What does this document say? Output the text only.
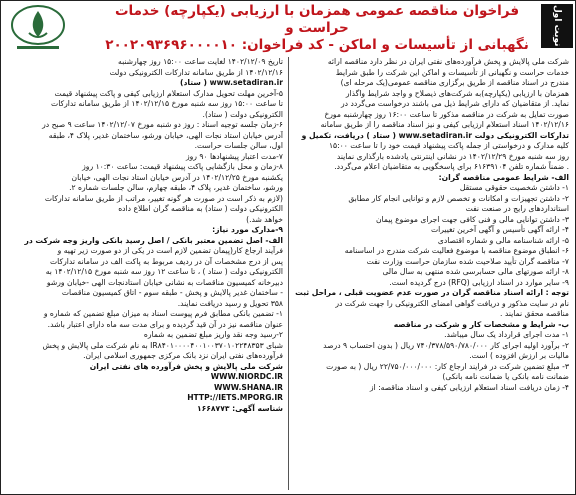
نوبت اول
فراخوان مناقصه عمومی همزمان با ارزیابی (یکپارچه) خدمات حراست و
نگهبانی از تأسیسات و اماکن - کد فراخوان: ۲۰۰۲۰۹۳۶۹۶۰۰۰۰۱۰
شرکت ملی پالایش و پخش فرآورده‌های نفتی ایران در نظر دارد مناقصه ارائه
خدمات حراست و نگهبانی از تأسیسات و اماکن این شرکت را طبق شرایط
مندرج در اسناد مناقصه از طریق برگزاری مناقصه عمومی(یک مرحله ای)
همزمان با ارزیابی (یکپارچه)به شرکت‌های ذیصلاح و واجد شرایط واگذار
نماید. از متقاضیان که دارای شرایط ذیل می باشند درخواست می‌گردد در
صورت تمایل به شرکت در مناقصه مذکور تا ساعت ۱۶:۰۰ روز چهارشنبه مورخ
۱۴۰۲/۱۲/۱۶ اسناد استعلام ارزیابی کیفی و نیز اسناد مناقصه را از طریق سامانه
تدارکات الکترونیکی دولت www.setadiran.ir ( ستاد ) دریافت، تکمیل و
کلیه مدارک و درخواستی از جمله پاکت پیشنهاد قیمت خود را تا ساعت ۱۵:۰۰
روز سه شنبه مورخ ۱۴۰۲/۱۲/۲۹ در نشانی اینترنتی یادشده بارگذاری نمایند
. ضمناً شماره تلفن ۶۱۶۳۹۱۰۴ برای پاسخگویی به متقاضیان اعلام می‌گردد.
الف- شرایط عمومی مناقصه گران:
۱- داشتن شخصیت حقوقی مستقل
۲- داشتن تجهیزات و امکانات و تخصص لازم و توانایی انجام کار مطابق
استانداردهای رایج در صنعت نفت
۳- داشتن توانایی مالی و فنی کافی جهت اجرای موضوع پیمان
۴- ارائه آگهی تأسیس و آگهی آخرین تغییرات
۵- ارائه شناسنامه مالی و شماره اقتصادی
۶- انطباق موضوع مناقصه با موضوع فعالیت شرکت مندرج در اساسنامه
۷- مناقصه گران تأیید صلاحیت شده سازمان حراست وزارت نفت
۸- ارائه صورتهای مالی حسابرسی شده منتهی به سال مالی
۹- سایر موارد در اسناد ارزیابی (RFQ) درج گردیده است.
توجه : ارائه اسناد مناقصه گران در صورت عدم عضویت قبلی ، مراحل ثبت
نام در سایت مذکور و دریافت گواهی امضای الکترونیکی را جهت شرکت در
مناقصه محقق نمایند .
ب- شرایط و مشخصات کار و شرکت در مناقصه
۱- مدت اجرای قرارداد یک سال میباشد.
۲- برآورد اولیه اجرای کار ۷۴۰/۳۷۸/۵۹۰/۷۸۰/۰۰۰ ریال ( بدون احتساب ۹ درصد
مالیات بر ارزش افزوده ) است.
۳- مبلغ تضمین شرکت در فرایند ارجاع کار: ۲۲/۷۵۰/۰۰۰/۰۰۰ ریال ( به صورت
ضمانت نامه بانکی یا ضمانت نامه بانکی)
۴- زمان دریافت اسناد استعلام ارزیابی کیفی و اسناد مناقصه: از
تاریخ ۱۴۰۲/۱۲/۰۹ لغایت ساعت ۱۵:۰۰ روز چهارشنبه
۱۴۰۲/۱۲/۱۶ از طریق سامانه تدارکات الکترونیکی دولت
www.setadiran.ir ( ستاد)
۵-آخرین مهلت تحویل مدارک استعلام ارزیابی کیفی و پاکت پیشنهاد قیمت
تا ساعت ۱۵:۰۰ روز سه شنبه مورخ ۱۴۰۲/۱۲/۱۵ از طریق سامانه تدارکات
الکترونیکی دولت ( ستاد).
۶-زمان جلسه توجیه اسناد : روز دو شنبه مورخ ۱۴۰۲/۱۲/۰۷ ساعت ۹ صبح در
آدرس خیابان استاد نجات الهی، خیابان ورشو، ساختمان غدیر، پلاک ۴، طبقه
اول، سالن جلسات حراست.
۷-مدت اعتبار پیشنهادها ۹۰ روز
۸-زمان و محل بازگشایی پاکت پیشنهاد قیمت: ساعت ۱۰:۳۰ روز
یکشنبه مورخ ۱۴۰۲/۱۲/۲۵ در آدرس خیابان استاد نجات الهی، خیابان
ورشو، ساختمان غدیر، پلاک ۴، طبقه چهارم، سالن جلسات شماره ۲.
(لازم به ذکر است در صورت هر گونه تغییر، مراتب از طریق سامانه تدارکات
الکترونیکی دولت ( ستاد) به مناقصه گران اطلاع داده
خواهد شد.)
۹-مدارک مورد نیاز:
الف- اصل تضمین معتبر بانکی / اصل رسید بانکی واریز وجه شرکت در
فرآیند ارجاع کار(پیمان تضمین لازم است در یکی از دو صورت زیر تهیه و
پس از درج مشخصات آن در ردیف مربوط به پاکت الف در سامانه تدارکات
الکترونیکی دولت ( ستاد ) ، تا ساعت ۱۲ روز سه شنبه مورخ ۱۴۰۲/۱۲/۱۵ به
دبیرخانه کمیسیون مناقصات به نشانی خیابان استادنجات الهی -خیابان ورشو
- ساختمان غدیر پالایش و پخش - طبقه سوم - اتاق کمیسیون مناقصات
۳۵۸ تحویل و رسید دریافت نمایند.
۱- تضمین بانکی مطابق فرم پیوست اسناد به میزان مبلغ تضمین که شماره و
عنوان مناقصه نیز در آن قید گردیده و برای مدت سه ماه دارای اعتبار باشد.
۲-رسید وجه نقد واریز مبلغ تضمین به شماره
شبای IR۸۴۰۱۰۰۰۰۴۰۰۱۰۰۳۷۰۱۰۲۲۴۸۳۵۳ به نام شرکت ملی پالایش و پخش
فرآورده‌های نفتی ایران نزد بانک مرکزی جمهوری اسلامی ایران.
شرکت ملی پالایش و پخش فرآورده های نفتی ایران
WWW.NIORDC.IR
WWW.SHANA.IR
HTTP://IETS.MPORG.IR
شناسه آگهی: ۱۶۶۸۷۷۳
